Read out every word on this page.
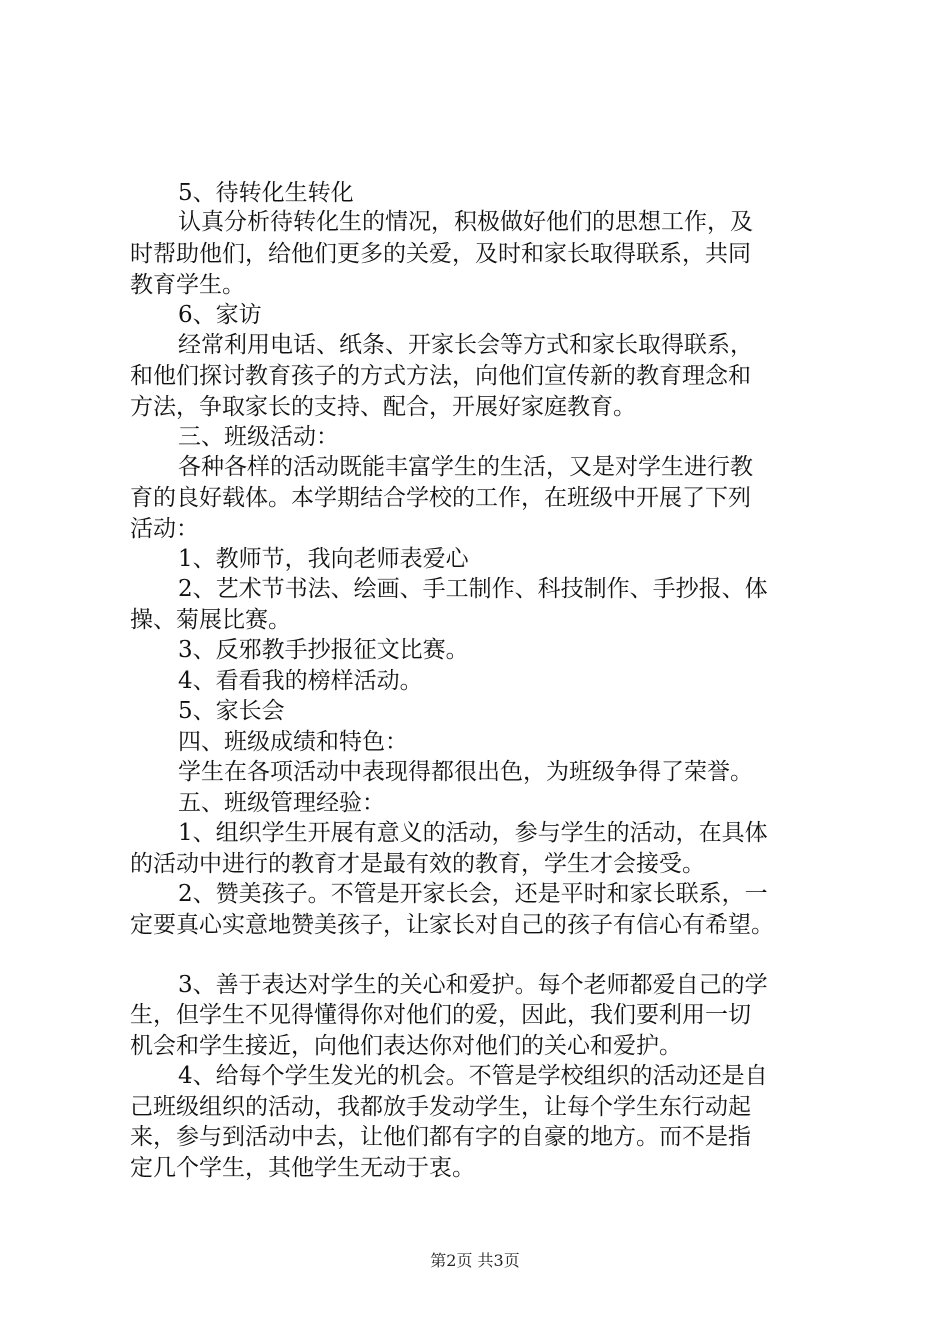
5、待转化生转化
认真分析待转化生的情况，积极做好他们的思想工作，及
时帮助他们，给他们更多的关爱，及时和家长取得联系，共同
教育学生。
6、家访
经常利用电话、纸条、开家长会等方式和家长取得联系，
和他们探讨教育孩子的方式方法，向他们宣传新的教育理念和
方法，争取家长的支持、配合，开展好家庭教育。
三、班级活动：
各种各样的活动既能丰富学生的生活，又是对学生进行教
育的良好载体。本学期结合学校的工作，在班级中开展了下列
活动：
1、教师节，我向老师表爱心
2、艺术节书法、绘画、手工制作、科技制作、手抄报、体
操、菊展比赛。
3、反邪教手抄报征文比赛。
4、看看我的榜样活动。
5、家长会
四、班级成绩和特色：
学生在各项活动中表现得都很出色，为班级争得了荣誉。
五、班级管理经验：
1、组织学生开展有意义的活动，参与学生的活动，在具体
的活动中进行的教育才是最有效的教育，学生才会接受。
2、赞美孩子。不管是开家长会，还是平时和家长联系，一
定要真心实意地赞美孩子，让家长对自己的孩子有信心有希望。
3、善于表达对学生的关心和爱护。每个老师都爱自己的学
生，但学生不见得懂得你对他们的爱，因此，我们要利用一切
机会和学生接近，向他们表达你对他们的关心和爱护。
4、给每个学生发光的机会。不管是学校组织的活动还是自
己班级组织的活动，我都放手发动学生，让每个学生东行动起
来，参与到活动中去，让他们都有字的自豪的地方。而不是指
定几个学生，其他学生无动于衷。
第2页 共3页
